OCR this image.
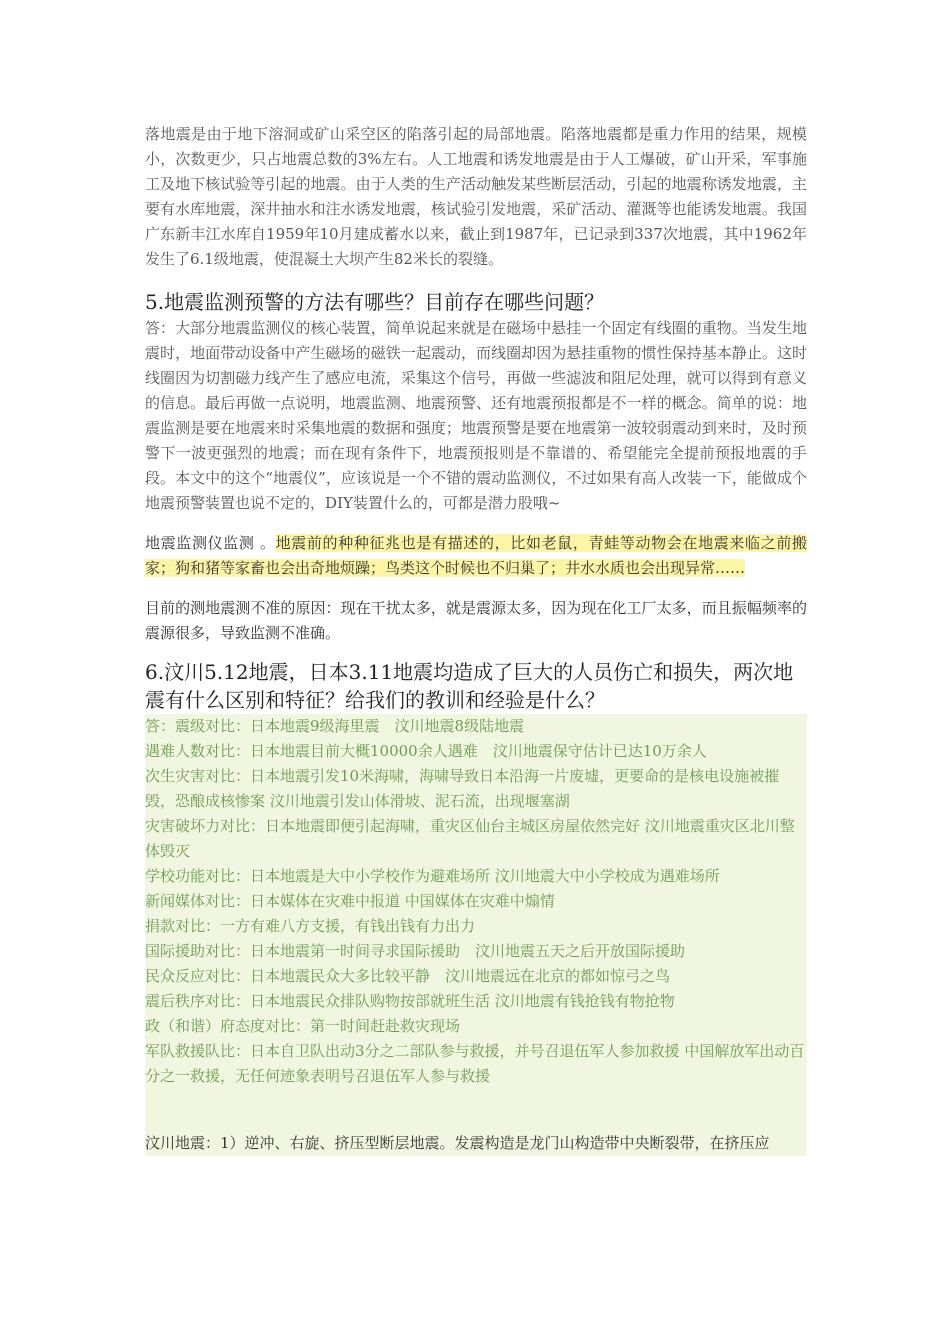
落地震是由于地下溶洞或矿山采空区的陷落引起的局部地震。陷落地震都是重力作用的结果，规模小，次数更少，只占地震总数的3%左右。人工地震和诱发地震是由于人工爆破，矿山开采，军事施工及地下核试验等引起的地震。由于人类的生产活动触发某些断层活动，引起的地震称诱发地震，主要有水库地震，深井抽水和注水诱发地震，核试验引发地震，采矿活动、灌溉等也能诱发地震。我国广东新丰江水库自1959年10月建成蓄水以来，截止到1987年，已记录到337次地震，其中1962年发生了6.1级地震，使混凝土大坝产生82米长的裂缝。

5.地震监测预警的方法有哪些？目前存在哪些问题？

答：大部分地震监测仪的核心装置，简单说起来就是在磁场中悬挂一个固定有线圈的重物。当发生地震时，地面带动设备中产生磁场的磁铁一起震动，而线圈却因为悬挂重物的惯性保持基本静止。这时线圈因为切割磁力线产生了感应电流，采集这个信号，再做一些滤波和阻尼处理，就可以得到有意义的信息。最后再做一点说明，地震监测、地震预警、还有地震预报都是不一样的概念。简单的说：地震监测是要在地震来时采集地震的数据和强度；地震预警是要在地震第一波较弱震动到来时，及时预警下一波更强烈的地震；而在现有条件下，地震预报则是不靠谱的、希望能完全提前预报地震的手段。本文中的这个“地震仪”，应该说是一个不错的震动监测仪，不过如果有高人改装一下，能做成个地震预警装置也说不定的，DIY装置什么的，可都是潜力股哦~

地震监测仪监测 。地震前的种种征兆也是有描述的，比如老鼠，青蛙等动物会在地震来临之前搬家；狗和猪等家畜也会出奇地烦躁；鸟类这个时候也不归巢了；井水水质也会出现异常……

目前的测地震测不准的原因：现在干扰太多，就是震源太多，因为现在化工厂太多，而且振幅频率的震源很多，导致监测不准确。

6.汶川5.12地震，日本3.11地震均造成了巨大的人员伤亡和损失，两次地震有什么区别和特征？给我们的教训和经验是什么？
答：震级对比：日本地震9级海里震　汶川地震8级陆地震
遇难人数对比：日本地震目前大概10000余人遇难　汶川地震保守估计已达10万余人
次生灾害对比：日本地震引发10米海啸，海啸导致日本沿海一片废墟，更要命的是核电设施被摧毁，恐酿成核惨案 汶川地震引发山体滑坡、泥石流，出现堰塞湖
灾害破坏力对比：日本地震即便引起海啸，重灾区仙台主城区房屋依然完好 汶川地震重灾区北川整体毁灭
学校功能对比：日本地震是大中小学校作为避难场所 汶川地震大中小学校成为遇难场所
新闻媒体对比：日本媒体在灾难中报道 中国媒体在灾难中煽情
捐款对比：一方有难八方支援，有钱出钱有力出力
国际援助对比：日本地震第一时间寻求国际援助　汶川地震五天之后开放国际援助
民众反应对比：日本地震民众大多比较平静　汶川地震远在北京的都如惊弓之鸟
震后秩序对比：日本地震民众排队购物按部就班生活 汶川地震有钱抢钱有物抢物
政（和谐）府态度对比：第一时间赶赴救灾现场
军队救援队比：日本自卫队出动3分之二部队参与救援，并号召退伍军人参加救援 中国解放军出动百分之一救援，无任何迹象表明号召退伍军人参与救援
汶川地震：1）逆冲、右旋、挤压型断层地震。发震构造是龙门山构造带中央断裂带，在挤压应
